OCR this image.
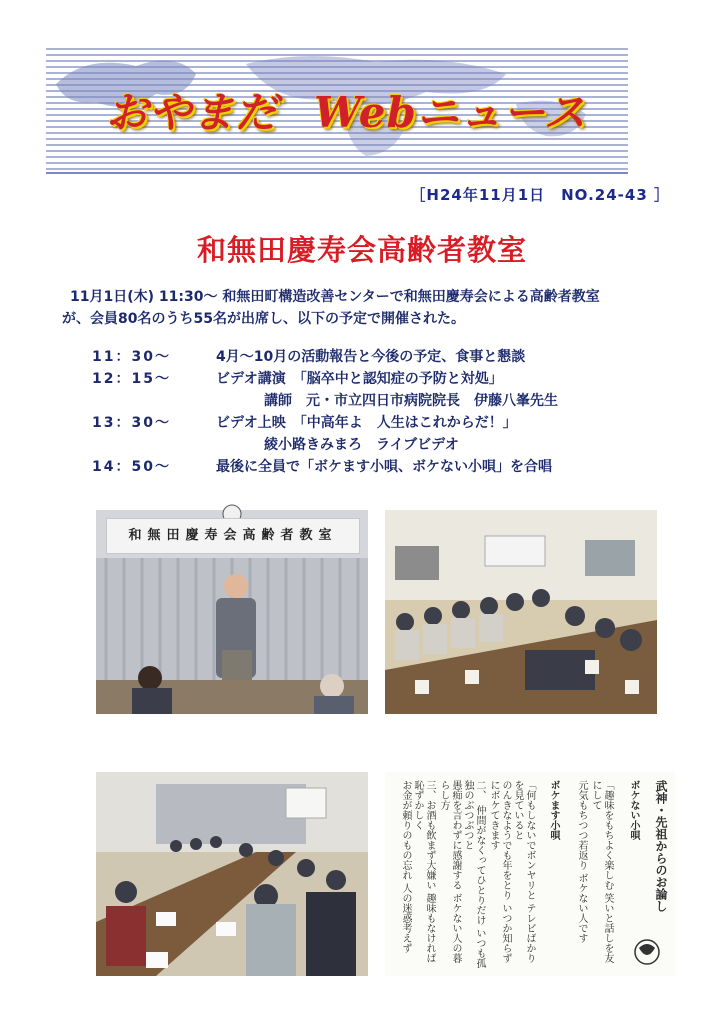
おやまだ Webニュース
［H24年11月1日　NO.24-43 ］
和無田慶寿会高齢者教室
11月1日(木) 11:30～ 和無田町構造改善センターで和無田慶寿会による高齢者教室
が、会員80名のうち55名が出席し、以下の予定で開催された。
11：30～	4月～10月の活動報告と今後の予定、食事と懇談
12：15～	ビデオ講演　「脳卒中と認知症の予防と対処」
講師　元・市立四日市病院院長　伊藤八峯先生
13：30～	ビデオ上映　「中高年よ　人生はこれからだ！」
綾小路きみまろ　ライブビデオ
14：50～	最後に全員で「ボケます小唄、ボケない小唄」を合唱
和無田慶寿会高齢者教室
武神・先祖からのお論し
ボケない小唄
「趣味をもちよく楽しむ 笑いと話しを友にして
元気もちつつ若返り ボケない人です
ボケます小唄
「何もしないでボンヤリと テレビばかりを見ていると
のんきなようでも年をとり いつか知らずにボケてきます
二、　仲間がなくってひとりだけ いつも孤独のぶつぶつと
愚痴を言わずに感謝する ボケない人の暮らし方
三、お酒も飲まず大嫌い 趣味もなければ恥ずかしく
お金が頼りのもの忘れ 人の迷惑考えず
